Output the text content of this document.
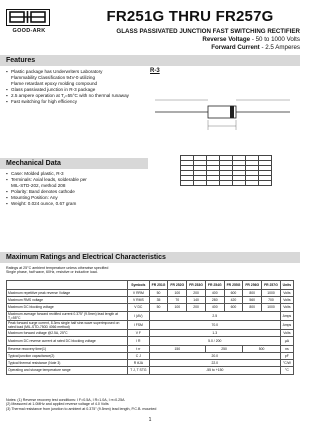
GOOD-ARK
FR251G THRU FR257G
GLASS PASSIVATED JUNCTION FAST SWITCHING RECTIFIER
Reverse Voltage - 50 to 1000 Volts
Forward Current - 2.5 Amperes
Features
▪ Plastic package has Underwriters Laboratory
Flammability Classification 94V-0 utilizing
Flame retardant epoxy molding compound
▪ Glass passivated junction in R-3 package
▪ 2.5 ampere operation at T⁁=55°C with no thermal runaway
▪ Fast switching for high efficiency
R-3

Mechanical Data
▪ Case: Molded plastic, R-3
▪ Terminals: Axial leads, solderable per
MIL-STD-202, method 208
▪ Polarity: Band denotes cathode
▪ Mounting Position: Any
▪ Weight: 0.024 ounce, 0.67 gram
Maximum Ratings and Electrical Characteristics
Ratings at 25°C ambient temperature unless otherwise specified
Single phase, half wave, 60Hz, resistive or inductive load.
	Symbols	FR 251G	FR 252G	FR 253G	FR 254G	FR 255G	FR 256G	FR 257G	Units
Maximum repetitive peak reverse Voltage	V RRM	50	100	200	400	600	800	1000	Volts
Maximum RMS voltage	V RMS	35	70	140	280	420	560	700	Volts
Maximum DC blocking voltage	V DC	50	100	200	400	600	800	1000	Volts
Maximum average forward rectified current 0.375" (9.5mm) lead length at T⁁=55°C	I (AV)	2.5							Amps
Peak forward surge current, 8.3ms single half sine-wave superimposed on rated load (MIL-STD-750D 4066 method)	I FSM	70.0							Amps
Maximum forward voltage @2.5A, 25°C	V F	1.3							Volts
Maximum DC reverse current at rated DC blocking voltage	I R	5.0 / 200							µA
Reverse recovery time(1)	t rr	150			250		500		ns
Typical junction capacitance(2)	C J	20.0							pF
Typical thermal resistance (Note 3)	R θJA	22.0							°C/W
Operating and storage temperature range	T J, T STG	-55 to +150							°C
Notes: (1) Reverse recovery test conditions: I F=0.5A, I R=1.0A, I rr=0.25A
(2) Measured at 1.0MHz and applied reverse voltage of 4.0 Volts
(3) Thermal resistance from junction to ambient at 0.375" (9.5mm) lead length, P.C.B. mounted
1
